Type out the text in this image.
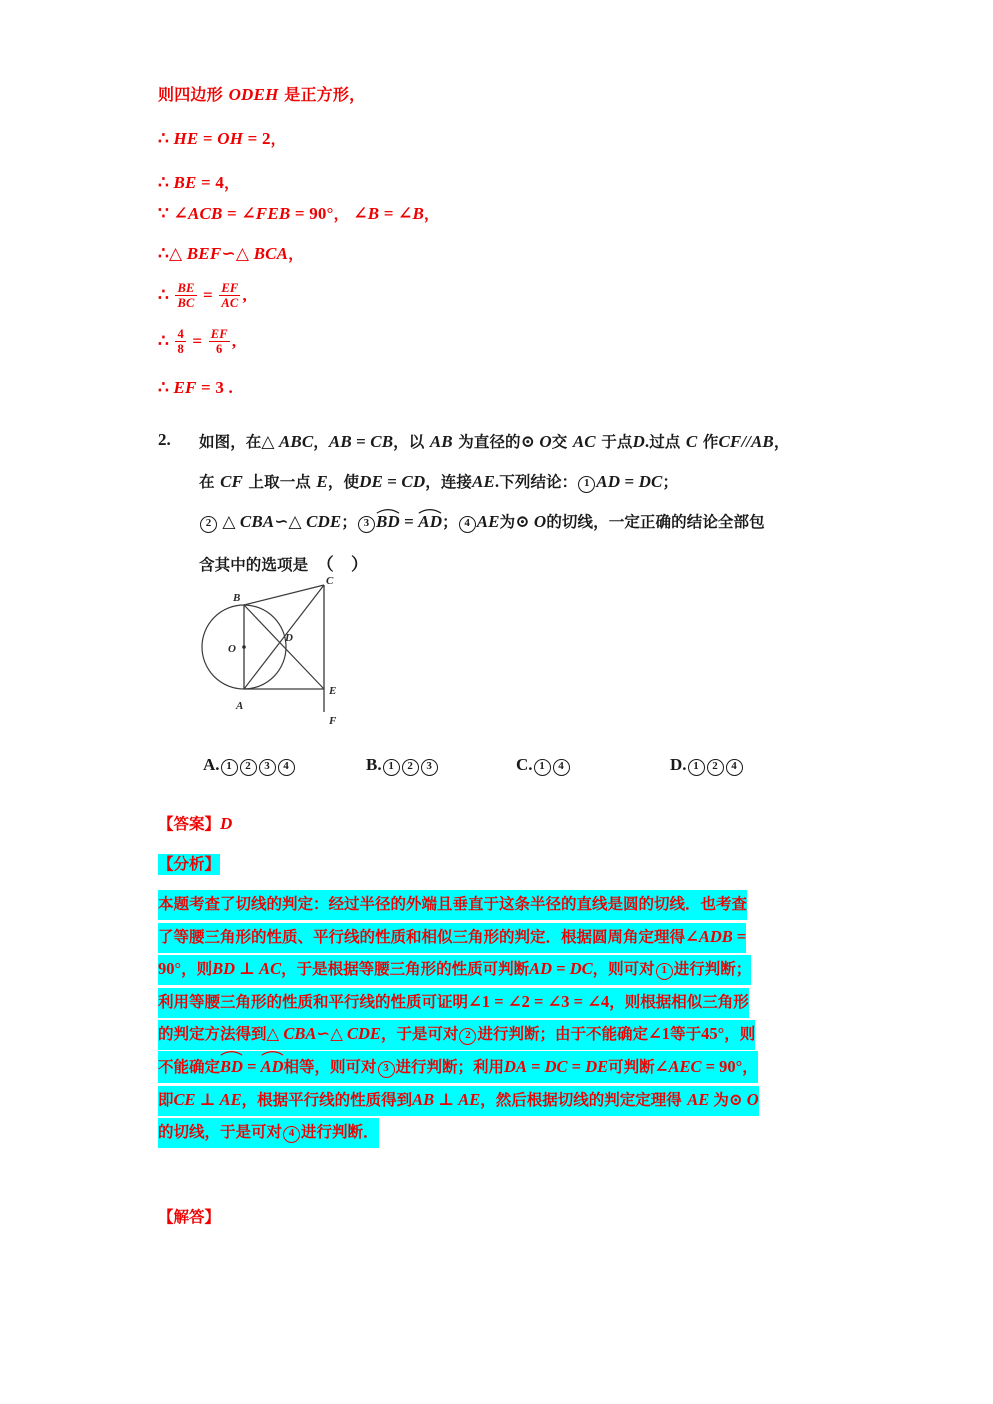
则四边形 ODEH 是正方形，
∴ HE = OH = 2，
∴ BE = 4，
∵ ∠ACB = ∠FEB = 90°， ∠B = ∠B，
∴△ BEF∽△ BCA，
∴ $\frac{BE}{BC} = \frac{EF}{AC}$ ,
∴ $\frac{4}{8} = \frac{EF}{6}$ ,
∴ EF = 3 .
2. 如图，在△ ABC，AB = CB，以 AB 为直径的⊙ O交 AC 于点D.过点 C 作CF//AB，
在 CF 上取一点 E，使DE = CD，连接AE.下列结论： 1 AD = DC；
2 △ CBA∽△ CDE； 3 BD =
AD； 4 AE为⊙ O的切线，一定正确的结论全部包
含其中的选项是　（　）
B
C
D
O
A
E
F
A. 1 2 3 4	B. 1 2 3	C. 1 4	D. 1 2 4
【答案】D
【分析】
本题考查了切线的判定：经过半径的外端且垂直于这条半径的直线是圆的切线．也考查
了等腰三角形的性质、平行线的性质和相似三角形的判定．根据圆周角定理得∠ADB =
90°，则BD ⊥ AC，于是根据等腰三角形的性质可判断AD = DC，则可对 1 进行判断；
利用等腰三角形的性质和平行线的性质可证明∠1 = ∠2 = ∠3 = ∠4，则根据相似三角形
的判定方法得到△ CBA∽△ CDE，于是可对 2 进行判断；由于不能确定∠1等于45°，则
不能确定
BD =
AD相等，则可对 3 进行判断；利用DA = DC = DE可判断∠AEC = 90°，
即CE ⊥ AE，根据平行线的性质得到AB ⊥ AE，然后根据切线的判定定理得 AE 为⊙ O
的切线，于是可对 4 进行判断．
【解答】
